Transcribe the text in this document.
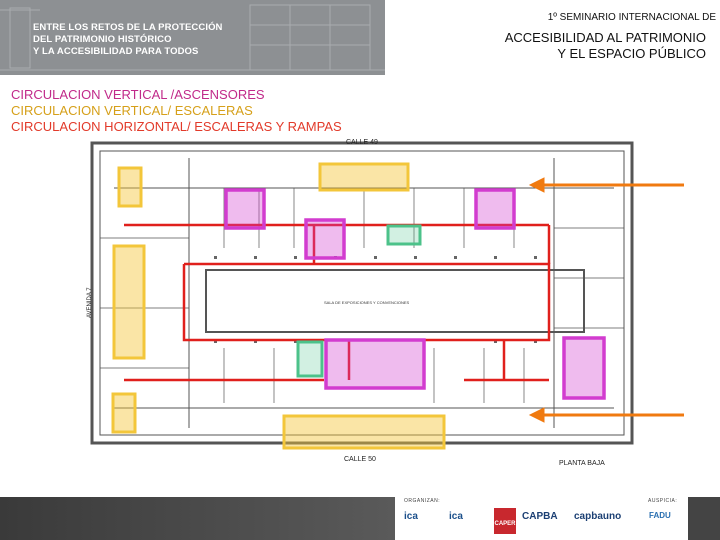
ENTRE LOS RETOS DE LA PROTECCIÓN
DEL PATRIMONIO HISTÓRICO
Y LA ACCESIBILIDAD PARA TODOS
1º SEMINARIO INTERNACIONAL DE
ACCESIBILIDAD AL PATRIMONIO
Y EL ESPACIO PÚBLICO
CIRCULACION VERTICAL /ASCENSORES
CIRCULACION VERTICAL/ ESCALERAS
CIRCULACION HORIZONTAL/ ESCALERAS Y RAMPAS
CALLE 49
CALLE 50
AVENIDA 7	SALA DE EXPOSICIONES Y CONVENCIONES
PLANTA BAJA
ORGANIZAN:	AUSPICIA:
ica	ica
CAPER
CAPBA capbauno	FADU
